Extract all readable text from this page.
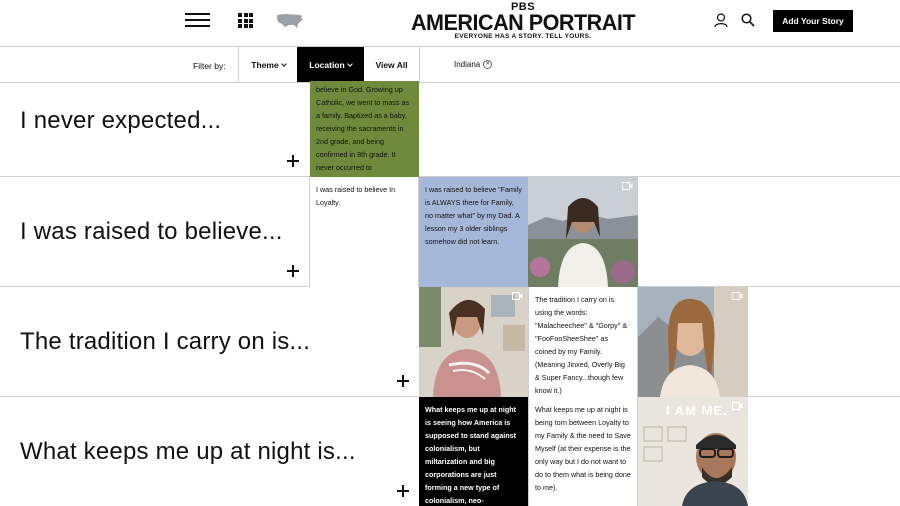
PBS
AMERICAN PORTRAIT
EVERYONE HAS A STORY. TELL YOURS.
Add Your Story
Filter by:	Theme	Location	View All	Indiana ✕
I never expected...
believe in God. Growing up Catholic, we went to mass as a family. Baptized as a baby, receiving the sacraments in 2nd grade, and being confirmed in 8th grade. It never occurred to
I was raised to believe...
I was raised to believe In Loyalty.
I was raised to believe "Family is ALWAYS there for Family, no matter what" by my Dad. A lesson my 3 older siblings somehow did not learn.
The tradition I carry on is...
The tradition I carry on is using the words: "Malacheechee" & "Gorpy" & "FooFooSheeShee" as coined by my Family. (Meaning Jinxed, Overly Big & Super Fancy...though few know it.)
What keeps me up at night is...
What keeps me up at night is seeing how America is supposed to stand against colonialism, but miltarization and big corporations are just forming a new type of colonialism, neo-
What keeps me up at night is being torn between Loyalty to my Family & the need to Save Myself (at their expense is the only way but I do not want to do to them what is being done to me).
I AM ME.
